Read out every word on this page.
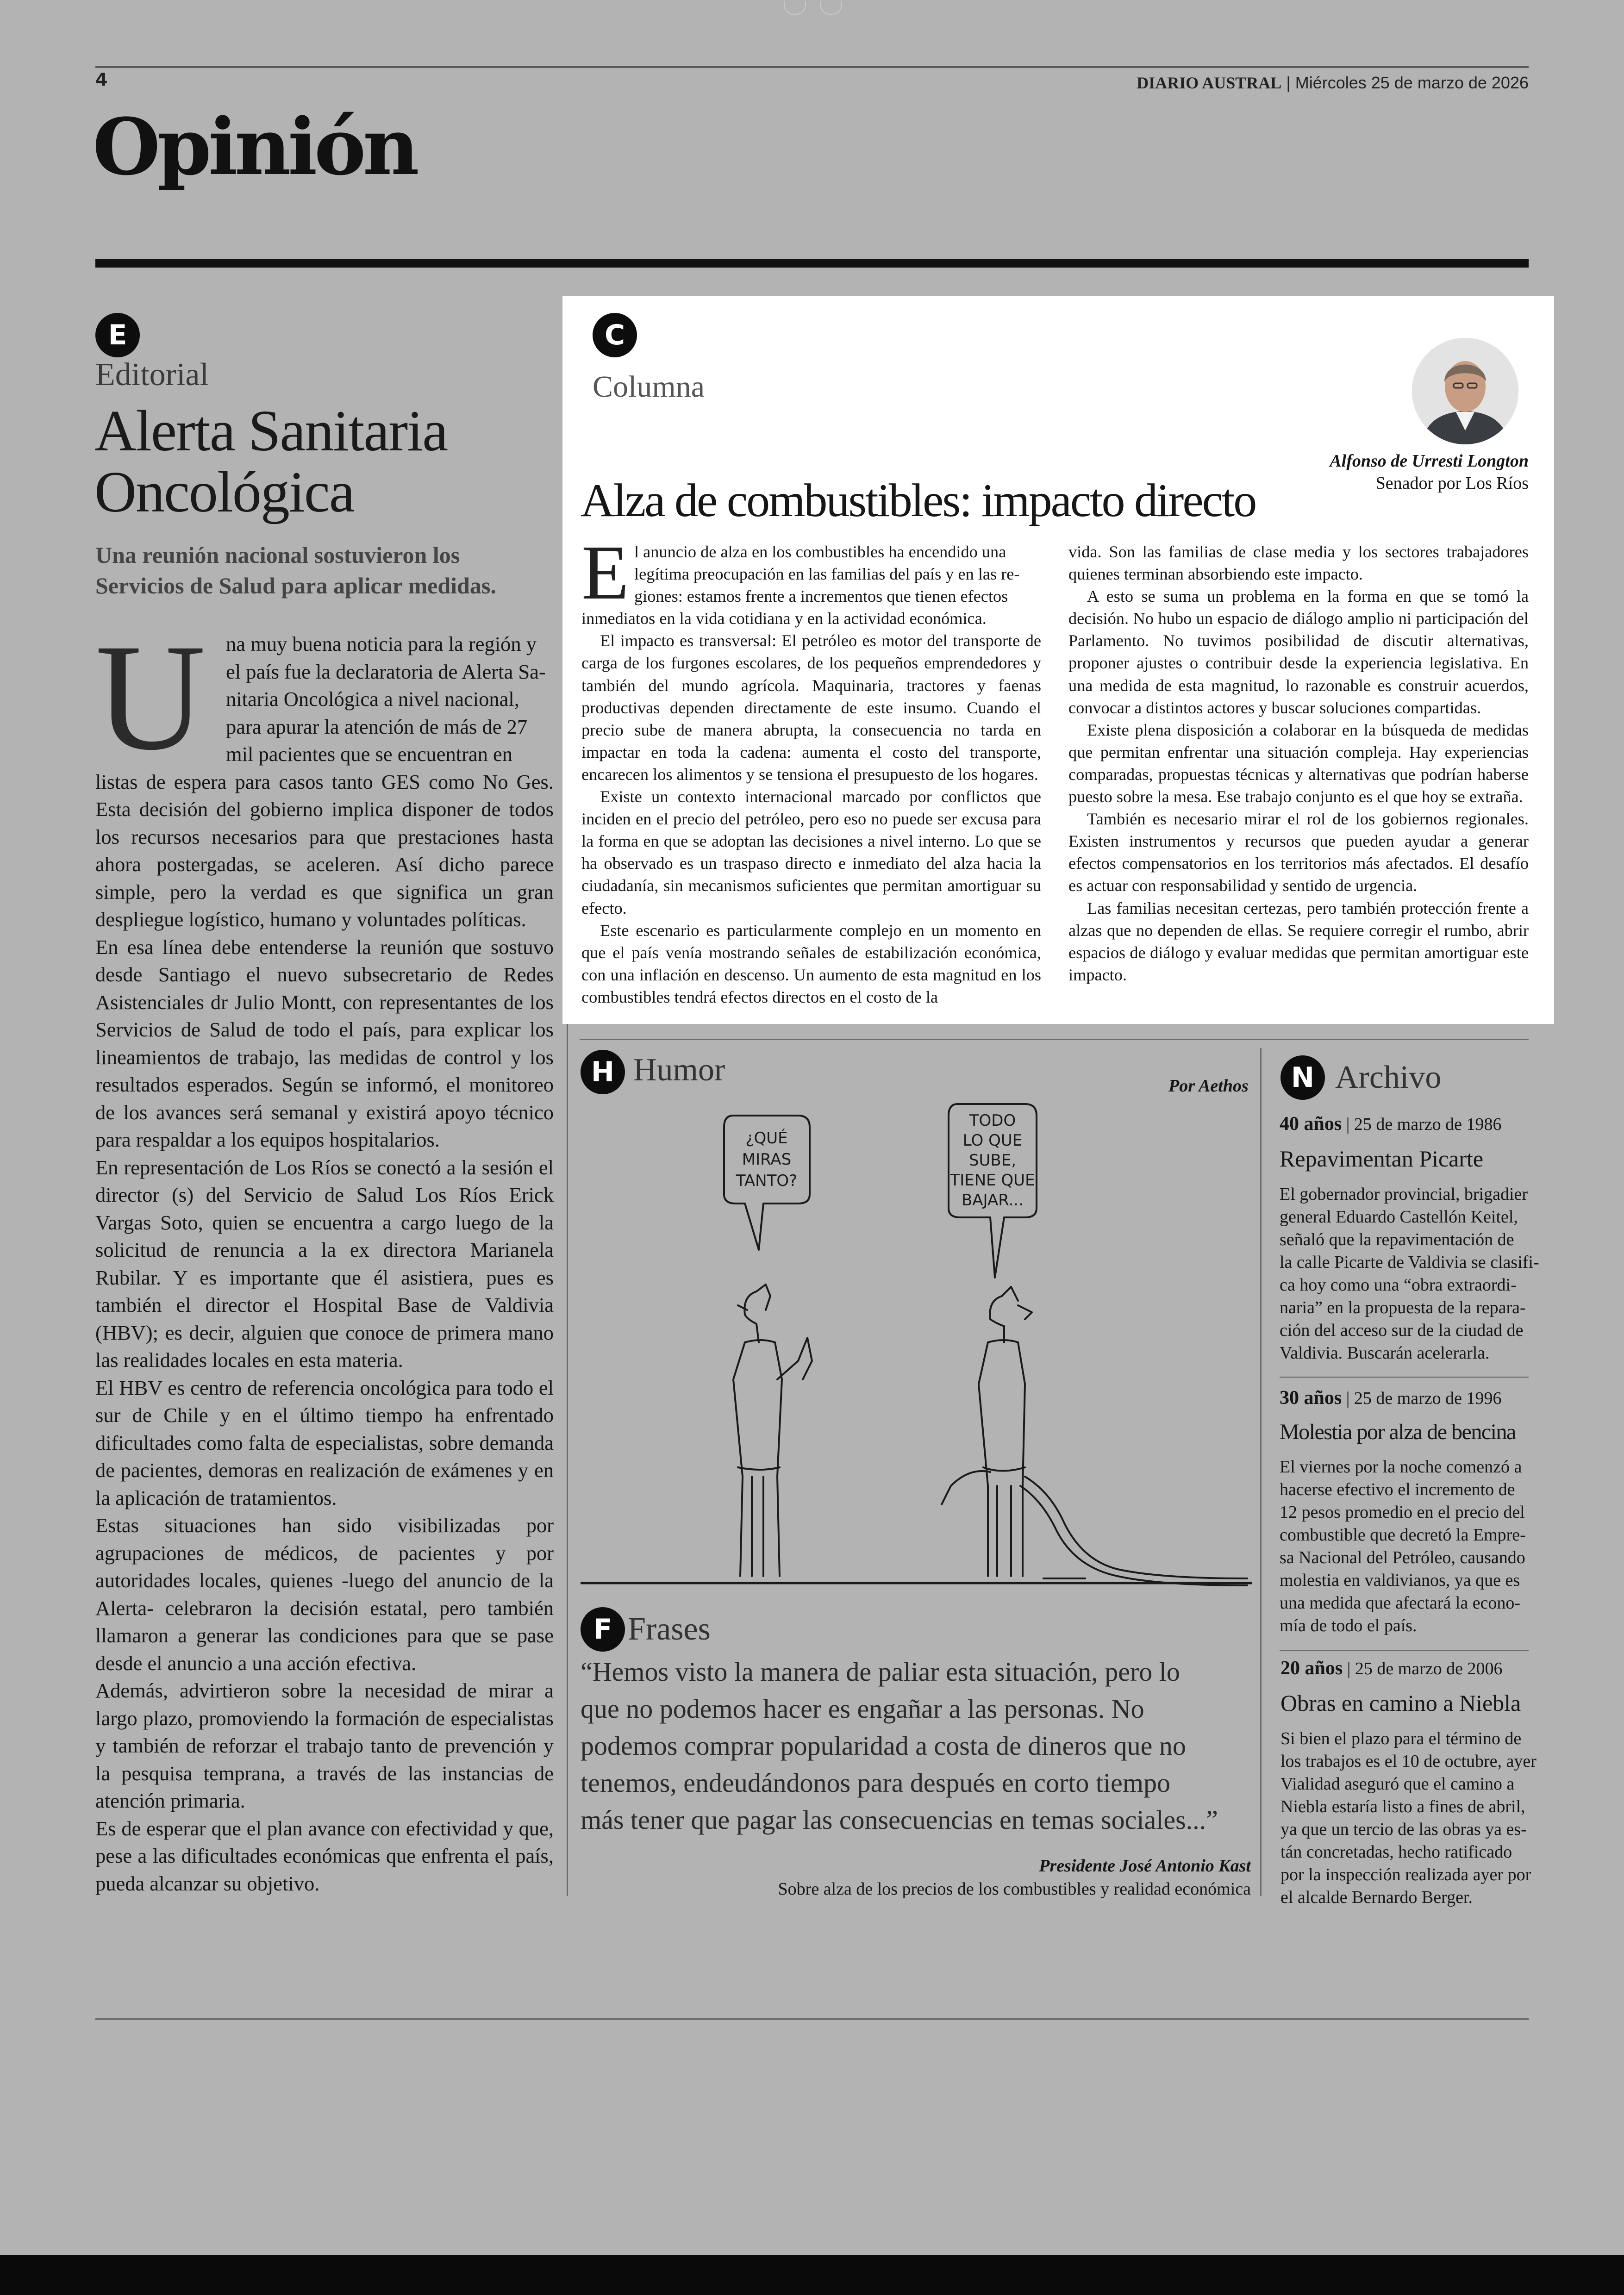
4	DIARIO AUSTRAL | Miércoles 25 de marzo de 2026
Opinión
E
Editorial
Alerta Sanitaria
Oncológica
Una reunión nacional sostuvieron los
Servicios de Salud para aplicar medidas.
U na muy buena noticia para la región y
el país fue la declaratoria de Alerta Sa-
nitaria Oncológica a nivel nacional,
para apurar la atención de más de 27
mil pacientes que se encuentran en

listas de espera para casos tanto GES como No Ges. Esta decisión del gobierno implica disponer de todos los recursos necesarios para que prestaciones hasta ahora postergadas, se aceleren. Así dicho parece simple, pero la verdad es que significa un gran despliegue logístico, humano y voluntades políticas.

En esa línea debe entenderse la reunión que sostuvo desde Santiago el nuevo subsecretario de Redes Asistenciales dr Julio Montt, con representantes de los Servicios de Salud de todo el país, para explicar los lineamientos de trabajo, las medidas de control y los resultados esperados. Según se informó, el monitoreo de los avances será semanal y existirá apoyo técnico para respaldar a los equipos hospitalarios.

En representación de Los Ríos se conectó a la sesión el director (s) del Servicio de Salud Los Ríos Erick Vargas Soto, quien se encuentra a cargo luego de la solicitud de renuncia a la ex directora Marianela Rubilar. Y es importante que él asistiera, pues es también el director el Hospital Base de Valdivia (HBV); es decir, alguien que conoce de primera mano las realidades locales en esta materia.

El HBV es centro de referencia oncológica para todo el sur de Chile y en el último tiempo ha enfrentado dificultades como falta de especialistas, sobre demanda de pacientes, demoras en realización de exámenes y en la aplicación de tratamientos.

Estas situaciones han sido visibilizadas por agrupaciones de médicos, de pacientes y por autoridades locales, quienes -luego del anuncio de la Alerta- celebraron la decisión estatal, pero también llamaron a generar las condiciones para que se pase desde el anuncio a una acción efectiva.

Además, advirtieron sobre la necesidad de mirar a largo plazo, promoviendo la formación de especialistas y también de reforzar el trabajo tanto de prevención y la pesquisa temprana, a través de las instancias de atención primaria.

Es de esperar que el plan avance con efectividad y que, pese a las dificultades económicas que enfrenta el país, pueda alcanzar su objetivo.

C
Columna
Alfonso de Urresti Longton
Senador por Los Ríos
Alza de combustibles: impacto directo
E l anuncio de alza en los combustibles ha encendido una
legítima preocupación en las familias del país y en las re-
giones: estamos frente a incrementos que tienen efectos

inmediatos en la vida cotidiana y en la actividad económica.

El impacto es transversal: El petróleo es motor del transporte de carga de los furgones escolares, de los pequeños emprendedores y también del mundo agrícola. Maquinaria, tractores y faenas productivas dependen directamente de este insumo. Cuando el precio sube de manera abrupta, la consecuencia no tarda en impactar en toda la cadena: aumenta el costo del transporte, encarecen los alimentos y se tensiona el presupuesto de los hogares.

Existe un contexto internacional marcado por conflictos que inciden en el precio del petróleo, pero eso no puede ser excusa para la forma en que se adoptan las decisiones a nivel interno. Lo que se ha observado es un traspaso directo e inmediato del alza hacia la ciudadanía, sin mecanismos suficientes que permitan amortiguar su efecto.

Este escenario es particularmente complejo en un momento en que el país venía mostrando señales de estabilización económica, con una inflación en descenso. Un aumento de esta magnitud en los combustibles tendrá efectos directos en el costo de la

vida. Son las familias de clase media y los sectores trabajadores quienes terminan absorbiendo este impacto.

A esto se suma un problema en la forma en que se tomó la decisión. No hubo un espacio de diálogo amplio ni participación del Parlamento. No tuvimos posibilidad de discutir alternativas, proponer ajustes o contribuir desde la experiencia legislativa. En una medida de esta magnitud, lo razonable es construir acuerdos, convocar a distintos actores y buscar soluciones compartidas.

Existe plena disposición a colaborar en la búsqueda de medidas que permitan enfrentar una situación compleja. Hay experiencias comparadas, propuestas técnicas y alternativas que podrían haberse puesto sobre la mesa. Ese trabajo conjunto es el que hoy se extraña.

También es necesario mirar el rol de los gobiernos regionales. Existen instrumentos y recursos que pueden ayudar a generar efectos compensatorios en los territorios más afectados. El desafío es actuar con responsabilidad y sentido de urgencia.

Las familias necesitan certezas, pero también protección frente a alzas que no dependen de ellas. Se requiere corregir el rumbo, abrir espacios de diálogo y evaluar medidas que permitan amortiguar este impacto.

H Humor	Por Aethos
¿QUÉ
MIRAS
TANTO?
TODO
LO QUE
SUBE,
TIENE QUE
BAJAR...
F Frases
“Hemos visto la manera de paliar esta situación, pero lo
que no podemos hacer es engañar a las personas. No
podemos comprar popularidad a costa de dineros que no
tenemos, endeudándonos para después en corto tiempo
más tener que pagar las consecuencias en temas sociales...”
Presidente José Antonio Kast
Sobre alza de los precios de los combustibles y realidad económica
N Archivo
40 años | 25 de marzo de 1986
Repavimentan Picarte
El gobernador provincial, brigadier
general Eduardo Castellón Keitel,
señaló que la repavimentación de
la calle Picarte de Valdivia se clasifi-
ca hoy como una “obra extraordi-
naria” en la propuesta de la repara-
ción del acceso sur de la ciudad de
Valdivia. Buscarán acelerarla.
30 años | 25 de marzo de 1996
Molestia por alza de bencina
El viernes por la noche comenzó a
hacerse efectivo el incremento de
12 pesos promedio en el precio del
combustible que decretó la Empre-
sa Nacional del Petróleo, causando
molestia en valdivianos, ya que es
una medida que afectará la econo-
mía de todo el país.
20 años | 25 de marzo de 2006
Obras en camino a Niebla
Si bien el plazo para el término de
los trabajos es el 10 de octubre, ayer
Vialidad aseguró que el camino a
Niebla estaría listo a fines de abril,
ya que un tercio de las obras ya es-
tán concretadas, hecho ratificado
por la inspección realizada ayer por
el alcalde Bernardo Berger.
